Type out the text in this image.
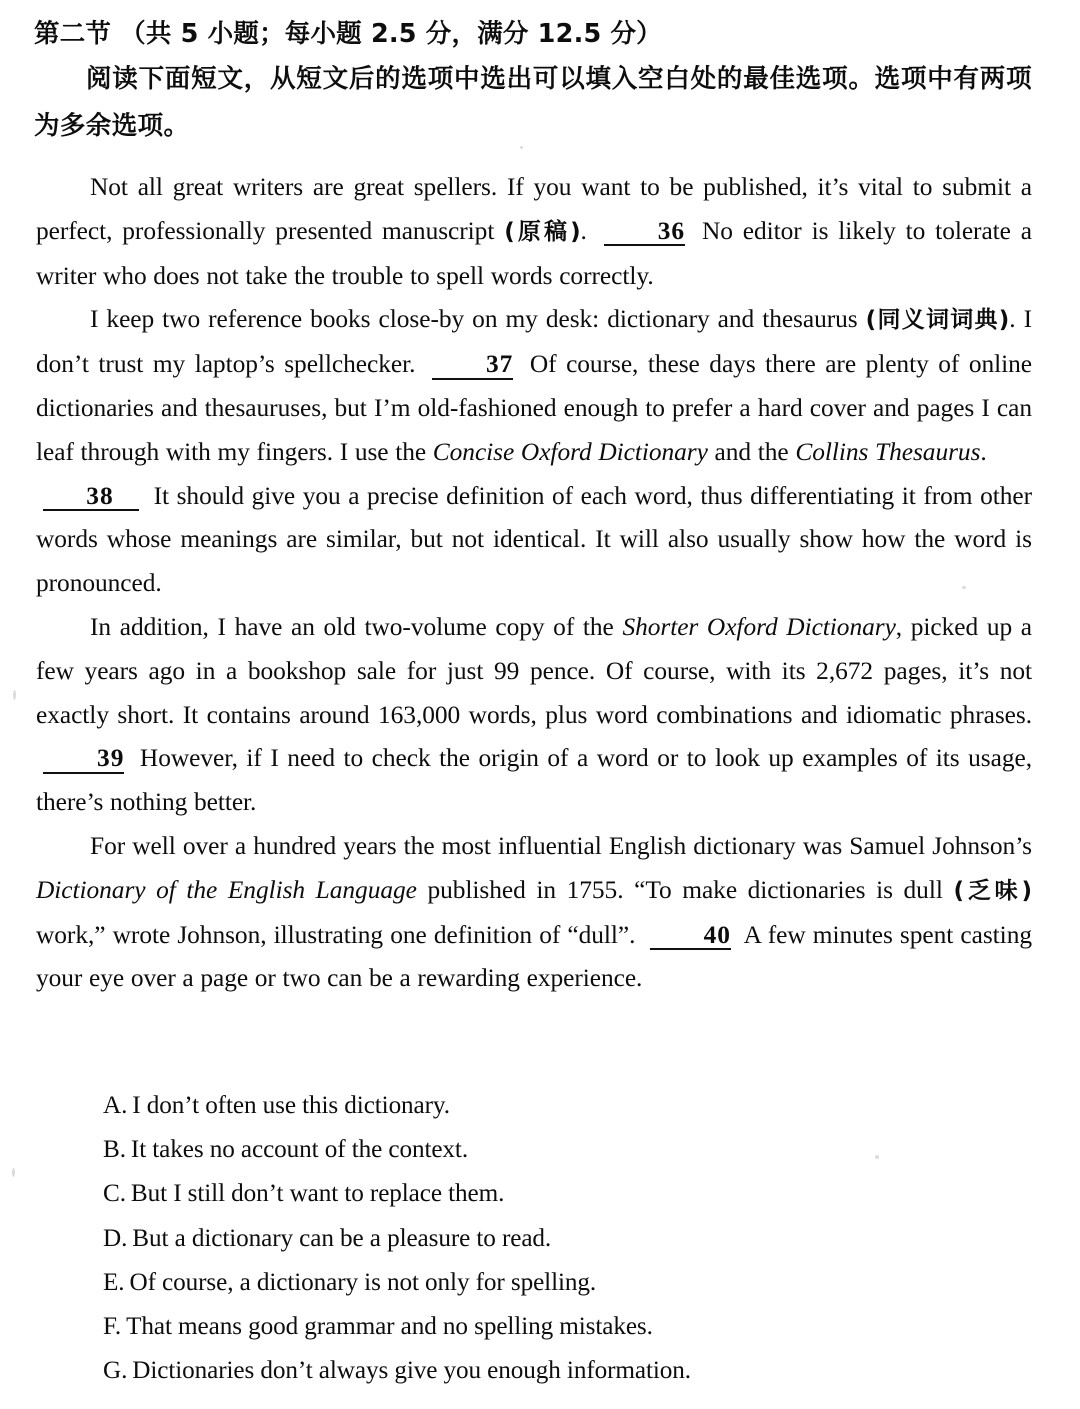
第二节 （共 5 小题；每小题 2.5 分，满分 12.5 分）
阅读下面短文，从短文后的选项中选出可以填入空白处的最佳选项。选项中有两项为多余选项。
Not all great writers are great spellers. If you want to be published, it’s vital to submit a perfect, professionally presented manuscript (原稿). 36 No editor is likely to tolerate a writer who does not take the trouble to spell words correctly.
I keep two reference books close-by on my desk: dictionary and thesaurus (同义词词典). I don’t trust my laptop’s spellchecker. 37 Of course, these days there are plenty of online dictionaries and thesauruses, but I’m old-fashioned enough to prefer a hard cover and pages I can leaf through with my fingers. I use the Concise Oxford Dictionary and the Collins Thesaurus.
38 It should give you a precise definition of each word, thus differentiating it from other words whose meanings are similar, but not identical. It will also usually show how the word is pronounced.
In addition, I have an old two-volume copy of the Shorter Oxford Dictionary, picked up a few years ago in a bookshop sale for just 99 pence. Of course, with its 2,672 pages, it’s not exactly short. It contains around 163,000 words, plus word combinations and idiomatic phrases. 39 However, if I need to check the origin of a word or to look up examples of its usage, there’s nothing better.
For well over a hundred years the most influential English dictionary was Samuel Johnson’s Dictionary of the English Language published in 1755. “To make dictionaries is dull (乏味) work,” wrote Johnson, illustrating one definition of “dull”. 40 A few minutes spent casting your eye over a page or two can be a rewarding experience.
A. I don’t often use this dictionary.
B. It takes no account of the context.
C. But I still don’t want to replace them.
D. But a dictionary can be a pleasure to read.
E. Of course, a dictionary is not only for spelling.
F. That means good grammar and no spelling mistakes.
G. Dictionaries don’t always give you enough information.
